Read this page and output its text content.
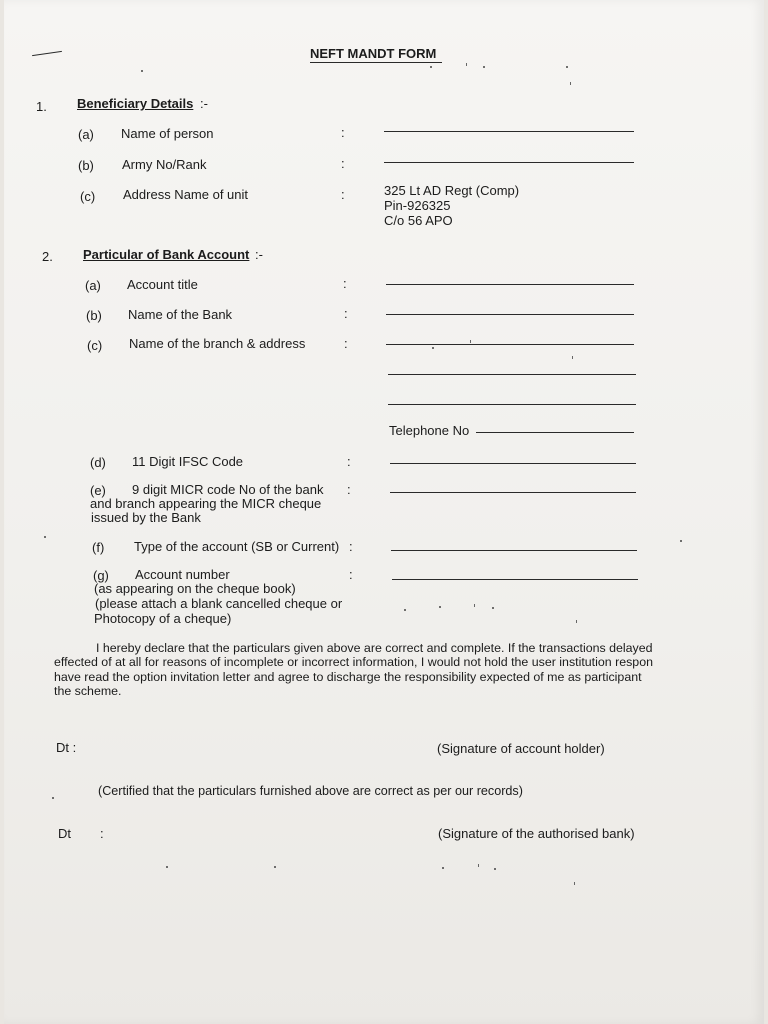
NEFT MANDT FORM
1. Beneficiary Details :-
(a) Name of person	:
(b) Army No/Rank	:
(c) Address Name of unit	:	325 Lt AD Regt (Comp)
Pin-926325
C/o 56 APO
2. Particular of Bank Account :-
(a) Account title	:
(b) Name of the Bank	:
(c) Name of the branch & address	:
Telephone No
(d) 11 Digit IFSC Code	:
(e) 9 digit MICR code No of the bank
and branch appearing the MICR cheque
issued by the Bank
:
(f) Type of the account (SB or Current) :
(g) Account number
(as appearing on the cheque book)
(please attach a blank cancelled cheque or
Photocopy of a cheque)
:
I hereby declare that the particulars given above are correct and complete. If the transactions delayed
effected of at all for reasons of incomplete or incorrect information, I would not hold the user institution respon
have read the option invitation letter and agree to discharge the responsibility expected of me as participant
the scheme.
Dt :	(Signature of account holder)
(Certified that the particulars furnished above are correct as per our records)
Dt :	(Signature of the authorised bank)
